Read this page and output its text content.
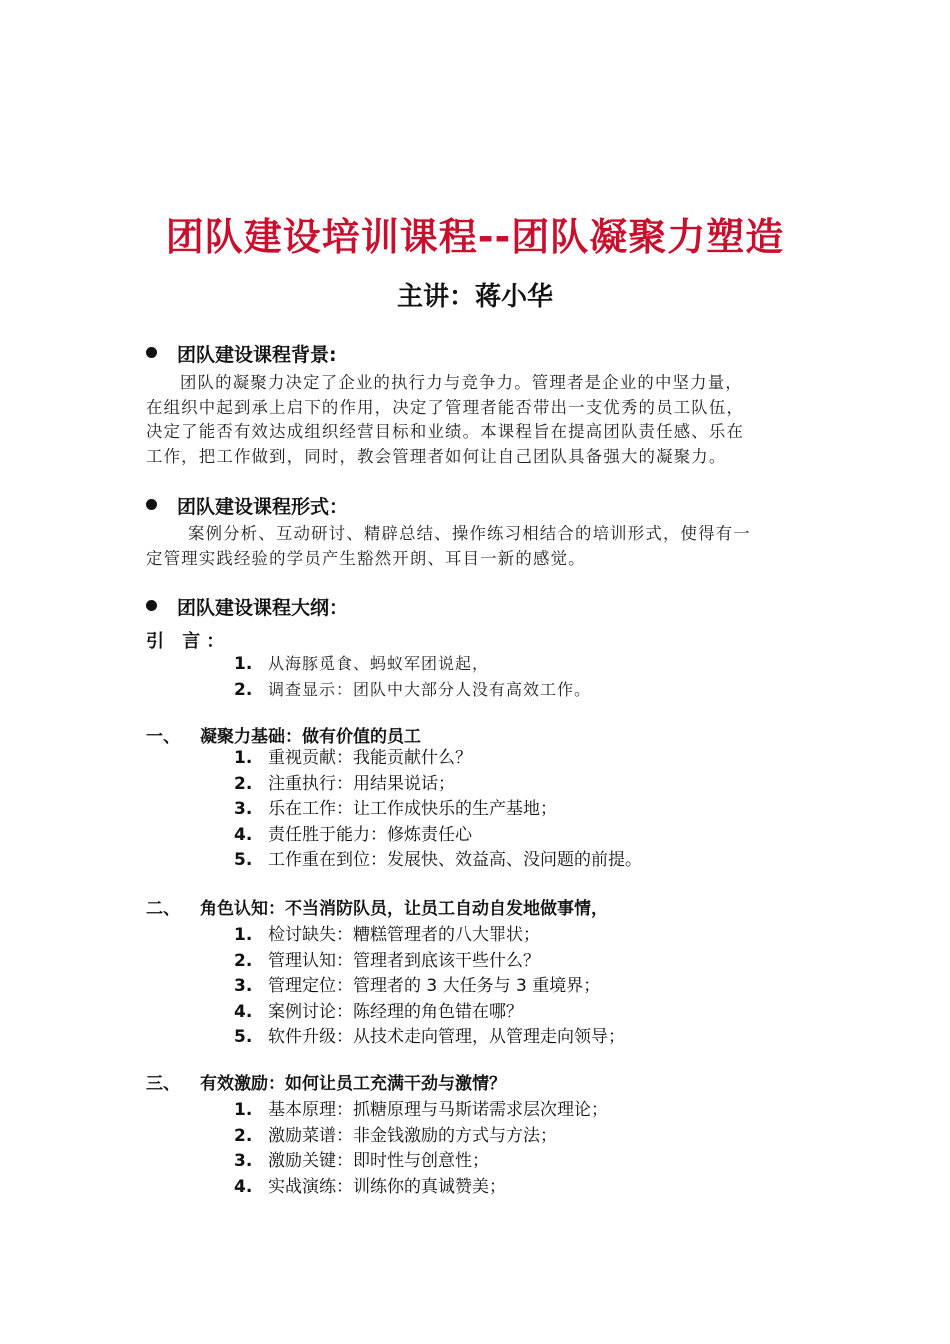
团队建设培训课程--团队凝聚力塑造
主讲：蒋小华
团队建设课程背景:

团队的凝聚力决定了企业的执行力与竞争力。管理者是企业的中坚力量，

在组织中起到承上启下的作用，决定了管理者能否带出一支优秀的员工队伍，

决定了能否有效达成组织经营目标和业绩。本课程旨在提高团队责任感、乐在

工作，把工作做到，同时，教会管理者如何让自己团队具备强大的凝聚力。

团队建设课程形式：

案例分析、互动研讨、精辟总结、操作练习相结合的培训形式，使得有一

定管理实践经验的学员产生豁然开朗、耳目一新的感觉。

团队建设课程大纲：
引 言：
1. 从海豚觅食、蚂蚁军团说起，
2. 调查显示：团队中大部分人没有高效工作。
一、 凝聚力基础：做有价值的员工
1. 重视贡献：我能贡献什么？
2. 注重执行：用结果说话；
3. 乐在工作：让工作成快乐的生产基地；
4. 责任胜于能力：修炼责任心
5. 工作重在到位：发展快、效益高、没问题的前提。
二、 角色认知：不当消防队员，让员工自动自发地做事情，
1. 检讨缺失：糟糕管理者的八大罪状；
2. 管理认知：管理者到底该干些什么？
3. 管理定位：管理者的 3 大任务与 3 重境界；
4. 案例讨论：陈经理的角色错在哪？
5. 软件升级：从技术走向管理，从管理走向领导；
三、 有效激励：如何让员工充满干劲与激情？
1. 基本原理：抓糖原理与马斯诺需求层次理论；
2. 激励菜谱：非金钱激励的方式与方法；
3. 激励关键：即时性与创意性；
4. 实战演练：训练你的真诚赞美；
